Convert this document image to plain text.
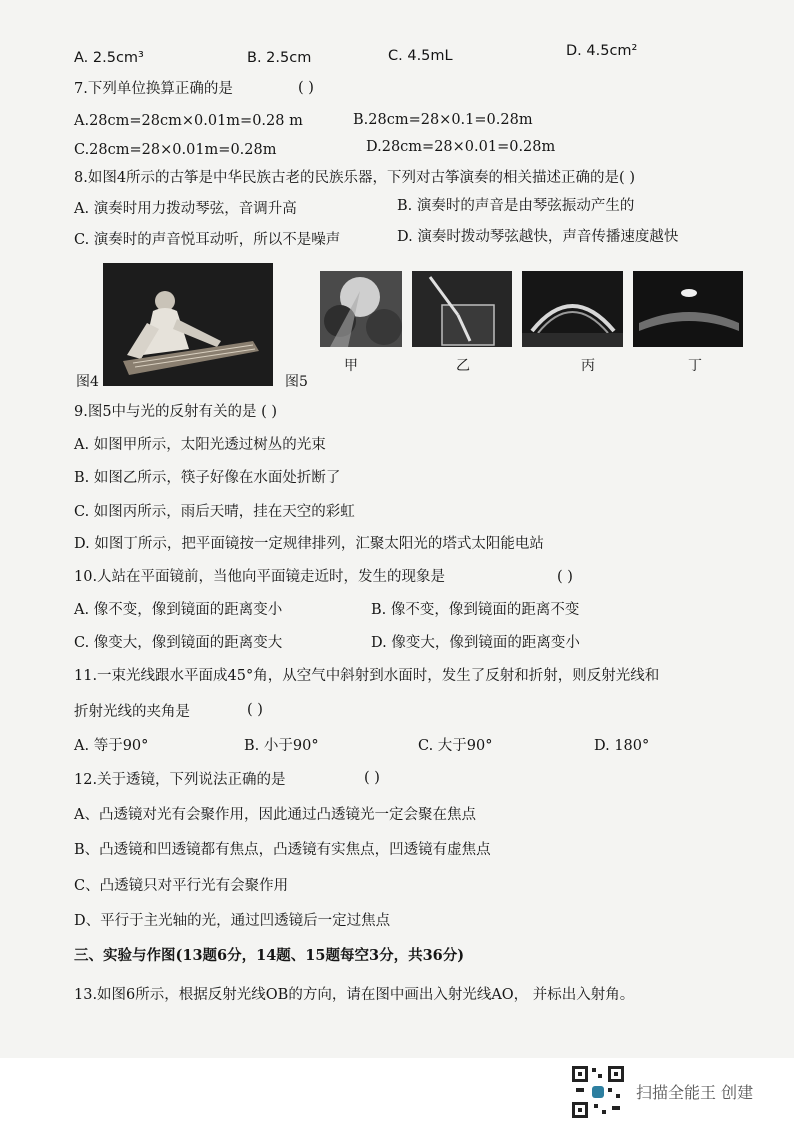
A. 2.5cm³	B. 2.5cm	C. 4.5mL	D. 4.5cm²
7.下列单位换算正确的是	( )
A.28cm=28cm×0.01m=0.28 m	B.28cm=28×0.1=0.28m
C.28cm=28×0.01m=0.28m	D.28cm=28×0.01=0.28m
8.如图4所示的古筝是中华民族古老的民族乐器，下列对古筝演奏的相关描述正确的是( )
A. 演奏时用力拨动琴弦，音调升高	B. 演奏时的声音是由琴弦振动产生的
C. 演奏时的声音悦耳动听，所以不是噪声	D. 演奏时拨动琴弦越快，声音传播速度越快
图4	图5
甲	乙	丙	丁
9.图5中与光的反射有关的是 ( )
A. 如图甲所示，太阳光透过树丛的光束
B. 如图乙所示，筷子好像在水面处折断了
C. 如图丙所示，雨后天晴，挂在天空的彩虹
D. 如图丁所示，把平面镜按一定规律排列，汇聚太阳光的塔式太阳能电站
10.人站在平面镜前，当他向平面镜走近时，发生的现象是	( )
A. 像不变，像到镜面的距离变小	B. 像不变，像到镜面的距离不变
C. 像变大，像到镜面的距离变大	D. 像变大，像到镜面的距离变小
11.一束光线跟水平面成45°角，从空气中斜射到水面时，发生了反射和折射，则反射光线和
折射光线的夹角是	( )
A. 等于90°	B. 小于90°	C. 大于90°	D. 180°
12.关于透镜，下列说法正确的是	( )
A、凸透镜对光有会聚作用，因此通过凸透镜光一定会聚在焦点
B、凸透镜和凹透镜都有焦点，凸透镜有实焦点，凹透镜有虚焦点
C、凸透镜只对平行光有会聚作用
D、平行于主光轴的光，通过凹透镜后一定过焦点
三、实验与作图(13题6分，14题、15题每空3分，共36分)
13.如图6所示，根据反射光线OB的方向，请在图中画出入射光线AO， 并标出入射角。
扫描全能王 创建
